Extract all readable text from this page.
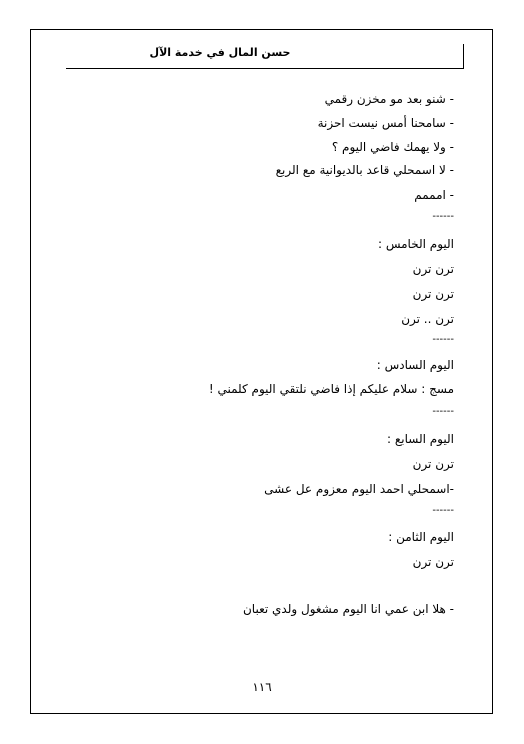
حسن المال في خدمة الآل
- شنو بعد مو مخزن رقمي
- سامحنا أمس نيست احزنة
- ولا يهمك فاضي اليوم ؟
- لا اسمحلي قاعد بالديوانية مع الربع
- امممم
------
اليوم الخامس :
ترن ترن
ترن ترن
ترن .. ترن
------
اليوم السادس :
مسج : سلام عليكم إذا فاضي نلتقي اليوم كلمني !
------
اليوم السابع :
ترن ترن
-اسمحلي احمد اليوم معزوم عل عشى
------
اليوم الثامن :
ترن ترن
- هلا ابن عمي انا اليوم مشغول ولدي تعبان
١١٦
